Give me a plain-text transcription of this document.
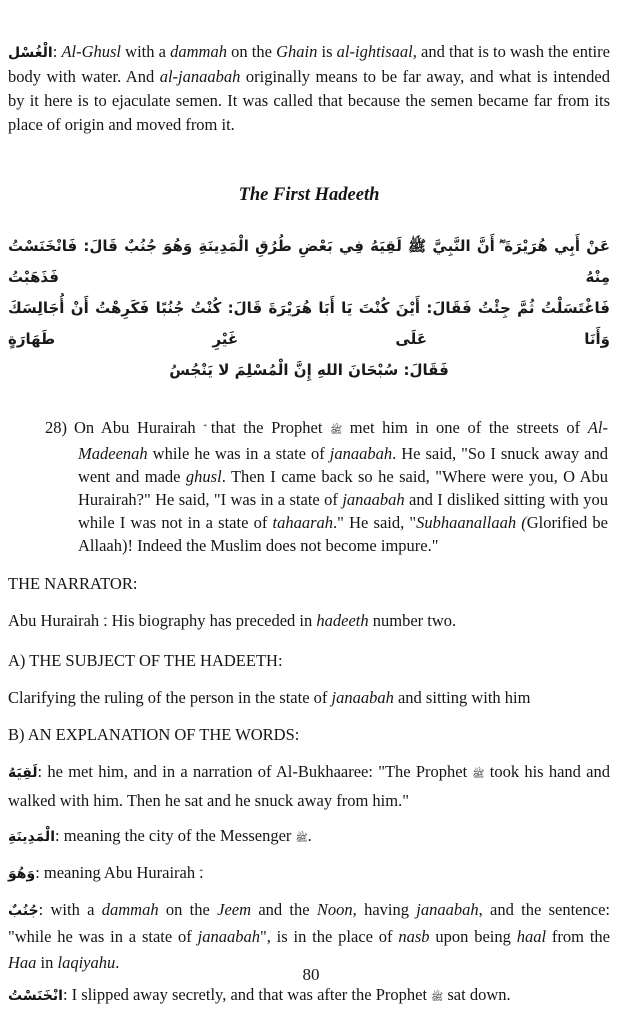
الْغُسْل: Al-Ghusl with a dammah on the Ghain is al-ightisaal, and that is to wash the entire body with water. And al-janaabah originally means to be far away, and what is intended by it here is to ejaculate semen. It was called that because the semen became far from its place of origin and moved from it.

The First Hadeeth
عَنْ أَبِي هُرَيْرَةَ ؓ أَنَّ النَّبِيَّ ﷺ لَقِيَهُ فِي بَعْضِ طُرُقِ الْمَدِينَةِ وَهُوَ جُنُبٌ قَالَ: فَانْخَنَسْتُ مِنْهُ فَذَهَبْتُ
فَاغْتَسَلْتُ ثُمَّ جِئْتُ فَقَالَ: أَيْنَ كُنْتَ يَا أَبَا هُرَيْرَةَ قَالَ: كُنْتُ جُنُبًا فَكَرِهْتُ أَنْ أُجَالِسَكَ وَأَنَا عَلَى غَيْرِ طَهَارَةٍ
فَقَالَ: سُبْحَانَ اللهِ إِنَّ الْمُسْلِمَ لا يَنْجُسُ

28) On Abu Hurairah that the Prophet ﷺ met him in one of the streets of Al-Madeenah while he was in a state of janaabah. He said, "So I snuck away and went and made ghusl. Then I came back so he said, "Where were you, O Abu Hurairah?" He said, "I was in a state of janaabah and I disliked sitting with you while I was not in a state of tahaarah." He said, "Subhaanallaah (Glorified be Allaah)! Indeed the Muslim does not become impure."

THE NARRATOR:

Abu Hurairah . His biography has preceded in hadeeth number two.

A) THE SUBJECT OF THE HADEETH:

Clarifying the ruling of the person in the state of janaabah and sitting with him

B) AN EXPLANATION OF THE WORDS:

لَقِيَهُ: he met him, and in a narration of Al-Bukhaaree: "The Prophet ﷺ took his hand and walked with him. Then he sat and he snuck away from him."

الْمَدِينَةِ: meaning the city of the Messenger ﷺ.

وَهُوَ: meaning Abu Hurairah .

جُنُبٌ: with a dammah on the Jeem and the Noon, having janaabah, and the sentence: "while he was in a state of janaabah", is in the place of nasb upon being haal from the Haa in laqiyahu.

انْخَنَسْتُ: I slipped away secretly, and that was after the Prophet ﷺ sat down.

80
